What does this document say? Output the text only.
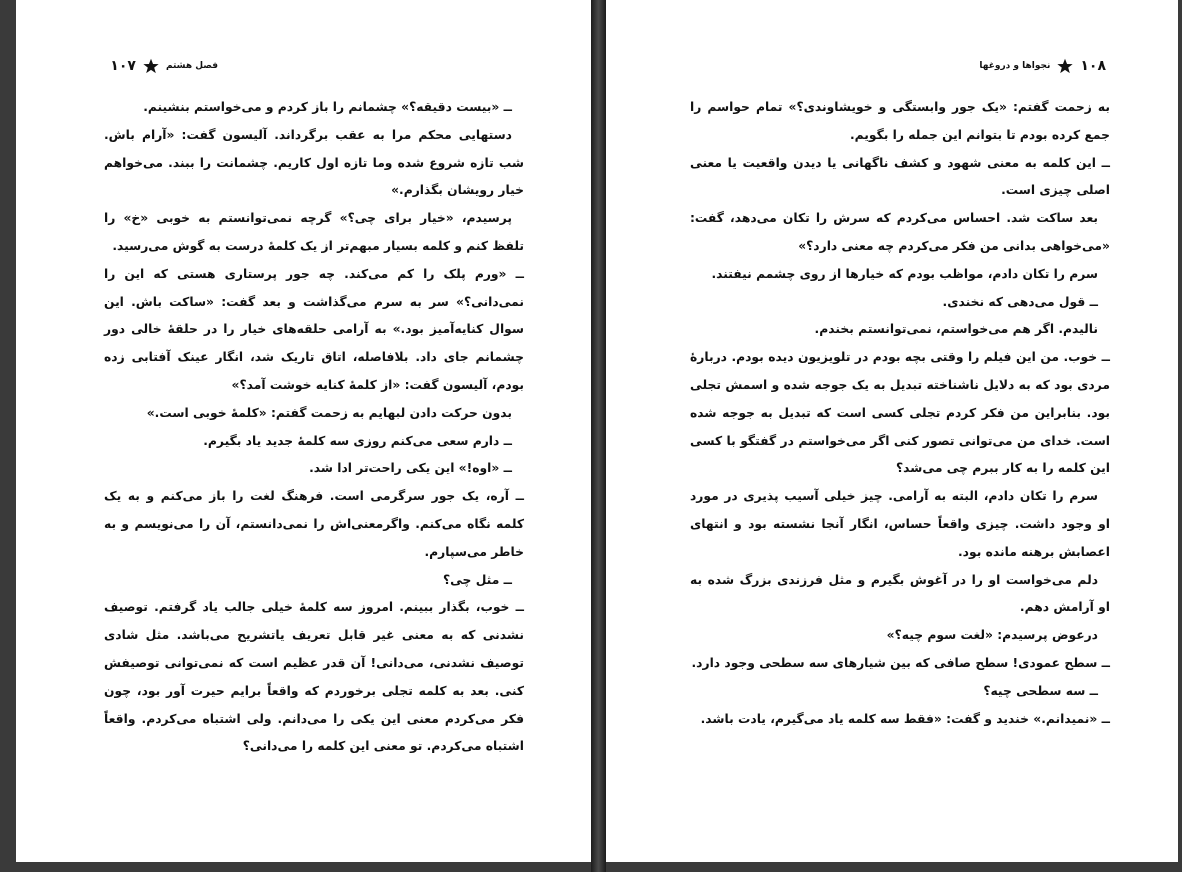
فصل هشتم
۱۰۷

ــ «بیست دقیقه؟» چشمانم را باز کردم و می‌خواستم بنشینم.

دستهایی محکم مرا به عقب برگرداند. آلیسون گفت: «آرام باش. شب تازه شروع شده وما تازه اول کاریم. چشمانت را ببند. می‌خواهم خیار رویشان بگذارم.»

پرسیدم، «خیار برای چی؟» گرچه نمی‌توانستم به خوبی «خ» را تلفظ کنم و کلمه بسیار مبهم‌تر از یک کلمهٔ درست به گوش می‌رسید.

ــ «ورم پلک را کم می‌کند. چه جور پرستاری هستی که این را نمی‌دانی؟» سر به سرم می‌گذاشت و بعد گفت: «ساکت باش. این سوال کنایه‌آمیز بود.» به آرامی حلقه‌های خیار را در حلقهٔ خالی دور چشمانم جای داد. بلافاصله، اتاق تاریک شد، انگار عینک آفتابی زده بودم، آلیسون گفت: «از کلمهٔ کنایه خوشت آمد؟»

بدون حرکت دادن لبهایم به زحمت گفتم: «کلمهٔ خوبی است.»

ــ دارم سعی می‌کنم روزی سه کلمهٔ جدید یاد بگیرم.

ــ «اوه!» این یکی راحت‌تر ادا شد.

ــ آره، یک جور سرگرمی است. فرهنگ لغت را باز می‌کنم و به یک کلمه نگاه می‌کنم. واگرمعنی‌اش را نمی‌دانستم، آن را می‌نویسم و به خاطر می‌سپارم.

ــ مثل چی؟

ــ خوب، بگذار ببینم. امروز سه کلمهٔ خیلی جالب یاد گرفتم. توصیف نشدنی که به معنی غیر قابل تعریف یاتشریح می‌باشد. مثل شادی توصیف نشدنی، می‌دانی! آن قدر عظیم است که نمی‌توانی توصیفش کنی. بعد به کلمه تجلی برخوردم که واقعاً برایم حیرت آور بود، چون فکر می‌کردم معنی این یکی را می‌دانم. ولی اشتباه می‌کردم. واقعاً اشتباه می‌کردم. تو معنی این کلمه را می‌دانی؟

۱۰۸
نجواها و دروغها

به زحمت گفتم: «یک جور وابستگی و خویشاوندی؟» تمام حواسم را جمع کرده بودم تا بتوانم این جمله را بگویم.

ــ این کلمه به معنی شهود و کشف ناگهانی یا دیدن واقعیت یا معنی اصلی چیزی است.

بعد ساکت شد. احساس می‌کردم که سرش را تکان می‌دهد، گفت: «می‌خواهی بدانی من فکر می‌کردم چه معنی دارد؟»

سرم را تکان دادم، مواظب بودم که خیارها از روی چشمم نیفتند.

ــ قول می‌دهی که نخندی.

نالیدم. اگر هم می‌خواستم، نمی‌توانستم بخندم.

ــ خوب. من این فیلم را وقتی بچه بودم در تلویزیون دیده بودم. دربارهٔ مردی بود که به دلایل ناشناخته تبدیل به یک جوجه شده و اسمش تجلی بود. بنابراین من فکر کردم تجلی کسی است که تبدیل به جوجه شده است. خدای من می‌توانی تصور کنی اگر می‌خواستم در گفتگو با کسی این کلمه را به کار ببرم چی می‌شد؟

سرم را تکان دادم، البته به آرامی. چیز خیلی آسیب پذیری در مورد او وجود داشت. چیزی واقعاً حساس، انگار آنجا نشسته بود و انتهای اعصابش برهنه مانده بود.

دلم می‌خواست او را در آغوش بگیرم و مثل فرزندی بزرگ شده به او آرامش دهم.

درعوض پرسیدم: «لغت سوم چیه؟»

ــ سطح عمودی! سطح صافی که بین شیارهای سه سطحی وجود دارد.

ــ سه سطحی چیه؟

ــ «نمیدانم.» خندید و گفت: «فقط سه کلمه یاد می‌گیرم، یادت باشد.
